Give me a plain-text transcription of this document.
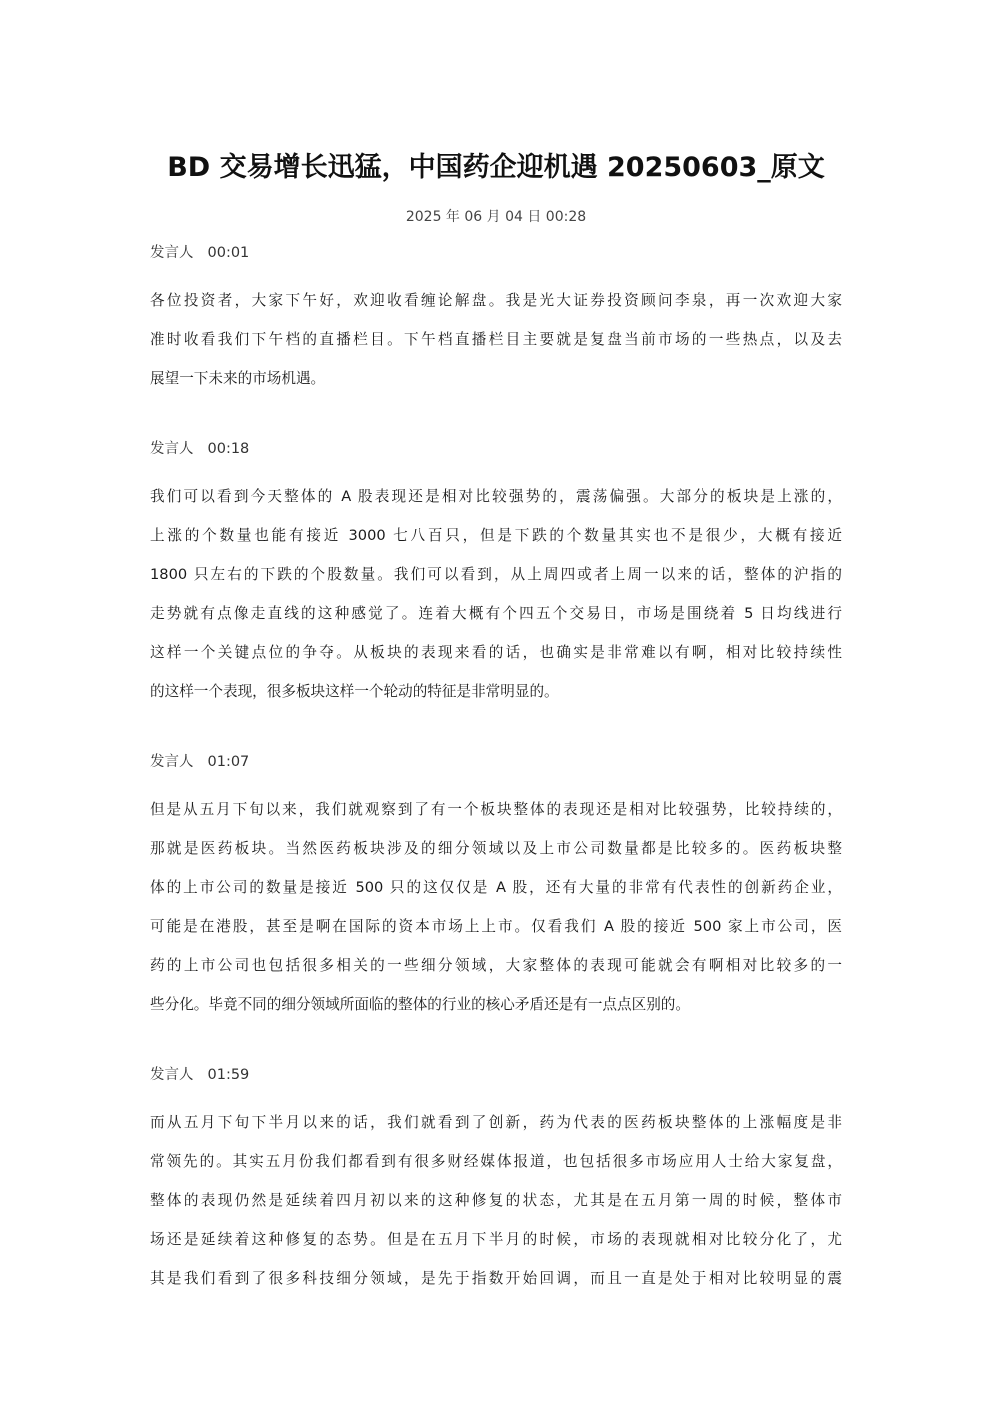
BD 交易增长迅猛，中国药企迎机遇 20250603_原文
2025 年 06 月 04 日 00:28
发言人 00:01
各位投资者，大家下午好，欢迎收看缠论解盘。我是光大证券投资顾问李泉，再一次欢迎大家
准时收看我们下午档的直播栏目。下午档直播栏目主要就是复盘当前市场的一些热点，以及去
展望一下未来的市场机遇。
发言人 00:18
我们可以看到今天整体的 A 股表现还是相对比较强势的，震荡偏强。大部分的板块是上涨的，
上涨的个数量也能有接近 3000 七八百只，但是下跌的个数量其实也不是很少，大概有接近
1800 只左右的下跌的个股数量。我们可以看到，从上周四或者上周一以来的话，整体的沪指的
走势就有点像走直线的这种感觉了。连着大概有个四五个交易日，市场是围绕着 5 日均线进行
这样一个关键点位的争夺。从板块的表现来看的话，也确实是非常难以有啊，相对比较持续性
的这样一个表现，很多板块这样一个轮动的特征是非常明显的。
发言人 01:07
但是从五月下旬以来，我们就观察到了有一个板块整体的表现还是相对比较强势，比较持续的，
那就是医药板块。当然医药板块涉及的细分领域以及上市公司数量都是比较多的。医药板块整
体的上市公司的数量是接近 500 只的这仅仅是 A 股，还有大量的非常有代表性的创新药企业，
可能是在港股，甚至是啊在国际的资本市场上上市。仅看我们 A 股的接近 500 家上市公司，医
药的上市公司也包括很多相关的一些细分领域，大家整体的表现可能就会有啊相对比较多的一
些分化。毕竟不同的细分领域所面临的整体的行业的核心矛盾还是有一点点区别的。
发言人 01:59
而从五月下旬下半月以来的话，我们就看到了创新，药为代表的医药板块整体的上涨幅度是非
常领先的。其实五月份我们都看到有很多财经媒体报道，也包括很多市场应用人士给大家复盘，
整体的表现仍然是延续着四月初以来的这种修复的状态，尤其是在五月第一周的时候，整体市
场还是延续着这种修复的态势。但是在五月下半月的时候，市场的表现就相对比较分化了，尤
其是我们看到了很多科技细分领域，是先于指数开始回调，而且一直是处于相对比较明显的震
